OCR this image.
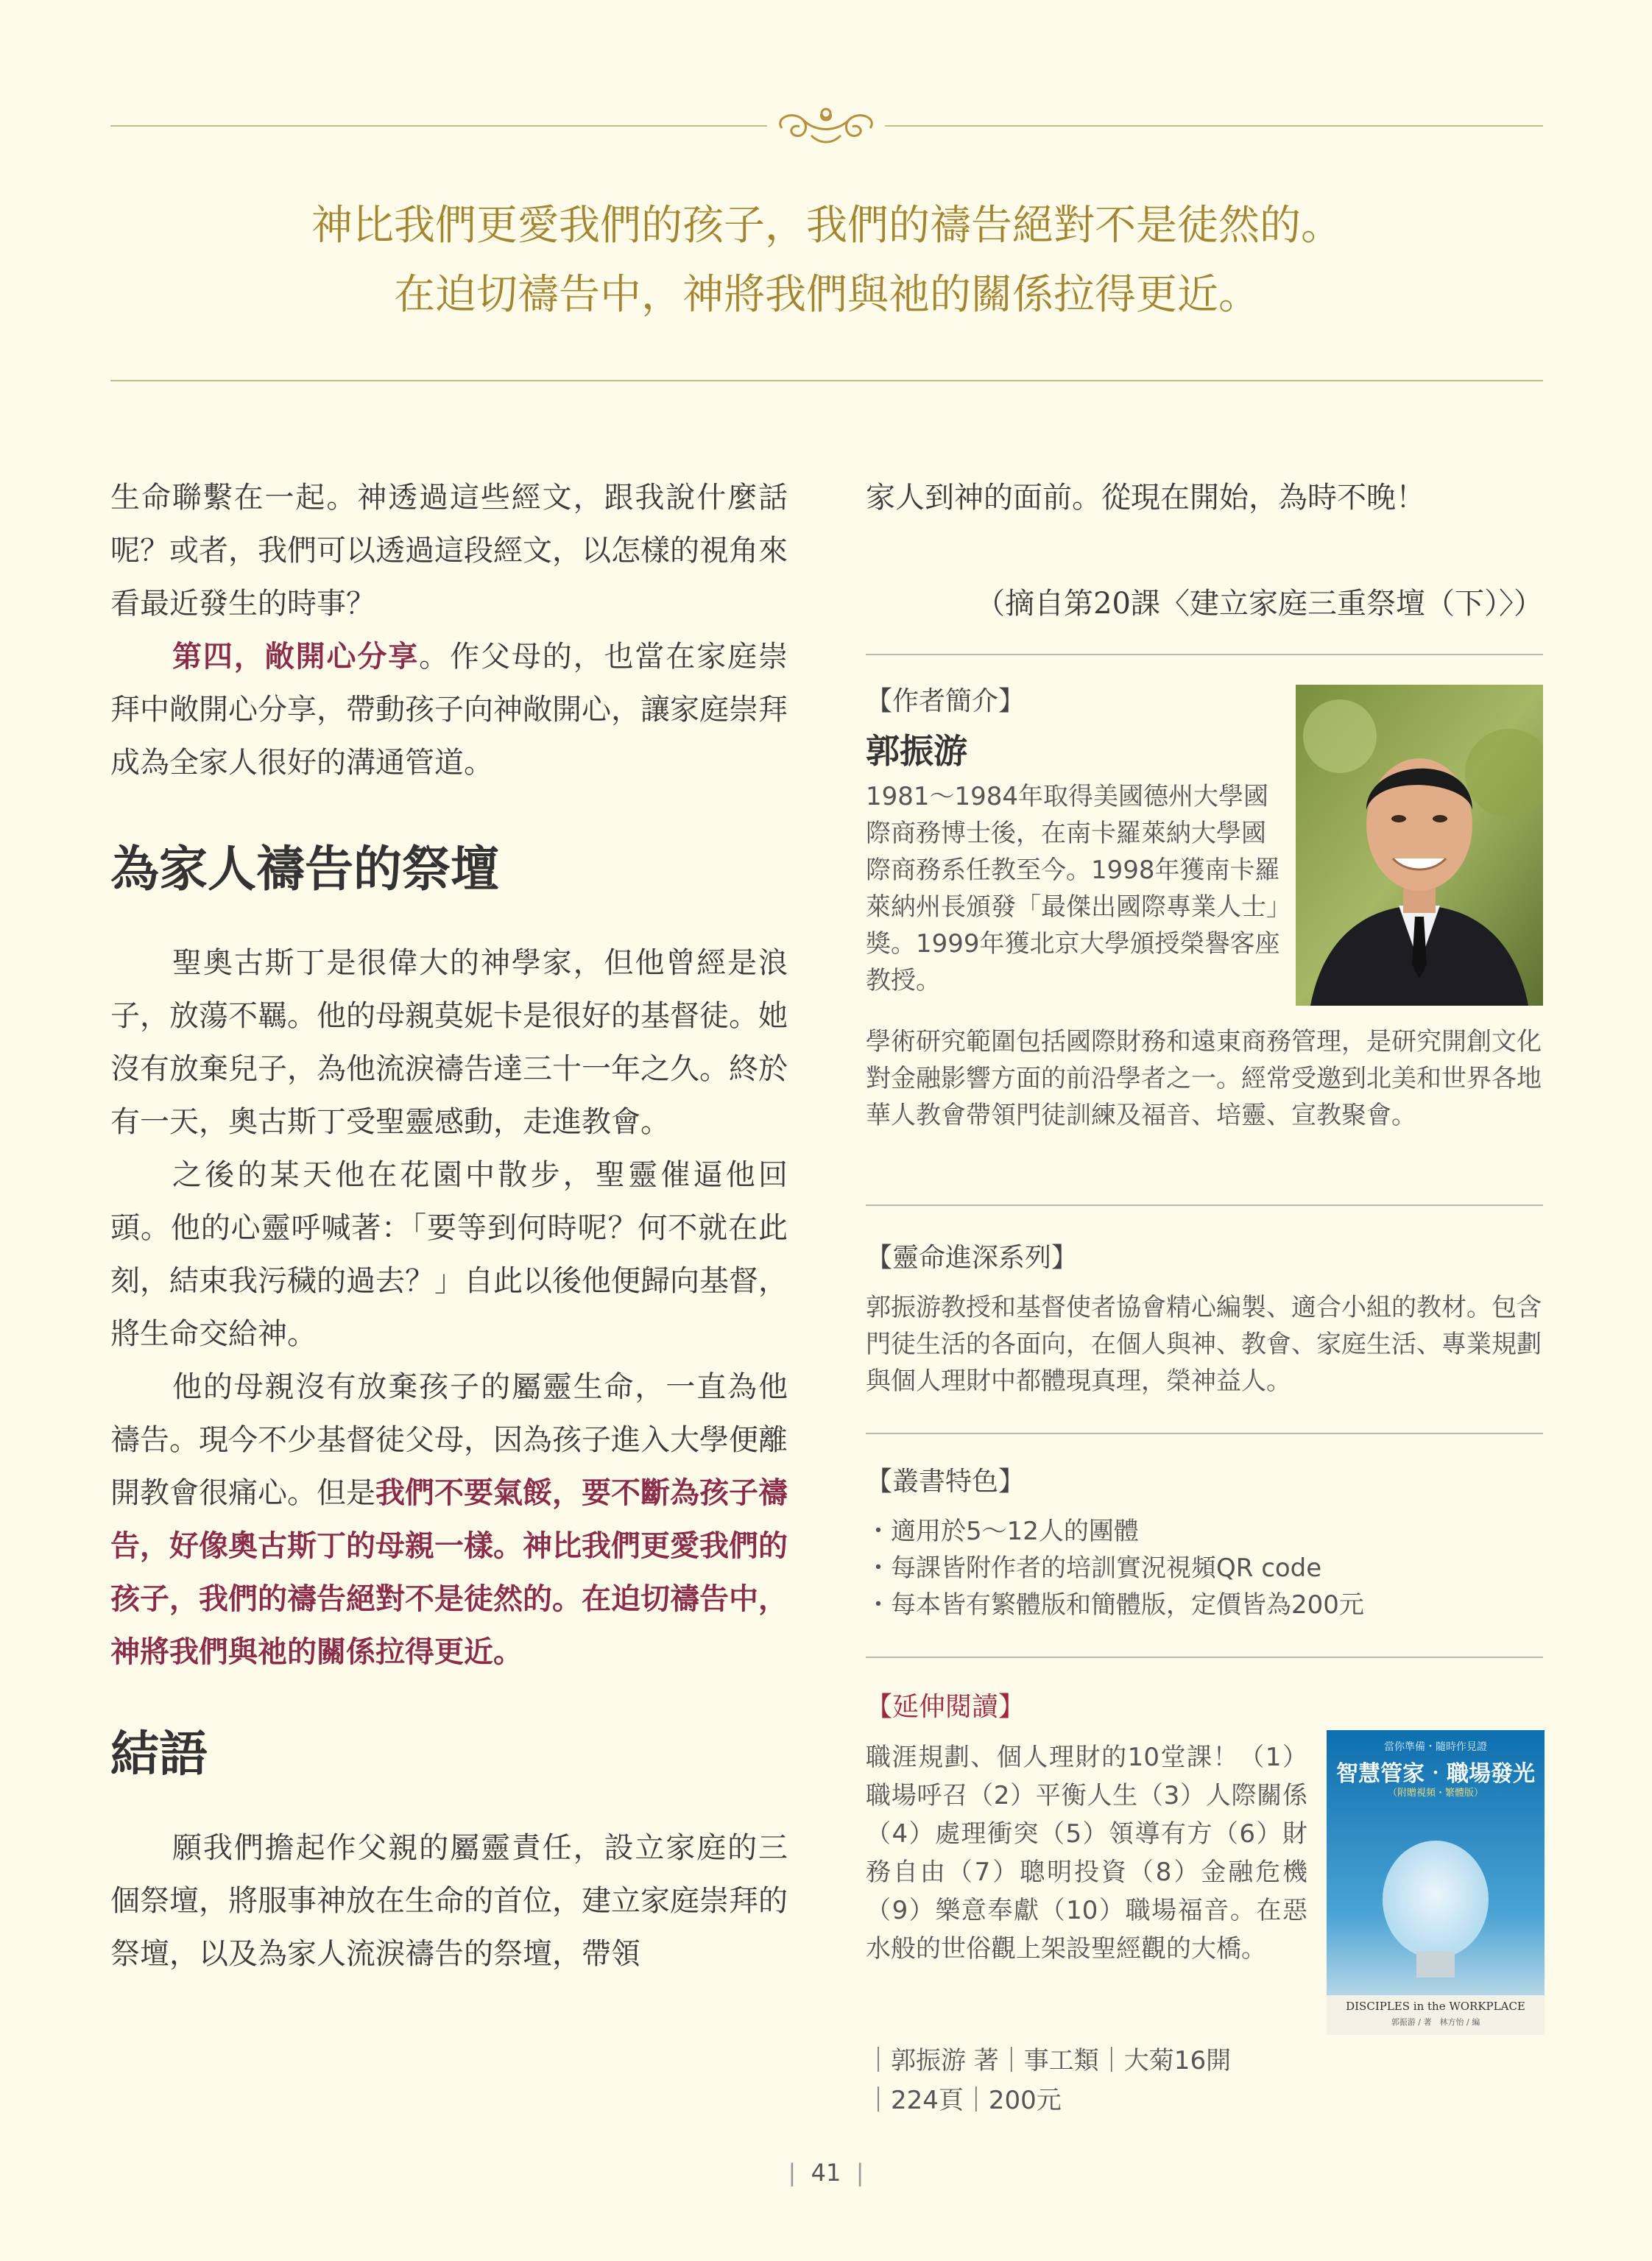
神比我們更愛我們的孩子，我們的禱告絕對不是徒然的。
在迫切禱告中，神將我們與祂的關係拉得更近。

生命聯繫在一起。神透過這些經文，跟我說什麼話呢？或者，我們可以透過這段經文，以怎樣的視角來看最近發生的時事？

第四，敞開心分享。作父母的，也當在家庭崇拜中敞開心分享，帶動孩子向神敞開心，讓家庭崇拜成為全家人很好的溝通管道。

為家人禱告的祭壇

聖奧古斯丁是很偉大的神學家，但他曾經是浪子，放蕩不羈。他的母親莫妮卡是很好的基督徒。她沒有放棄兒子，為他流淚禱告達三十一年之久。終於有一天，奧古斯丁受聖靈感動，走進教會。

之後的某天他在花園中散步，聖靈催逼他回頭。他的心靈呼喊著：「要等到何時呢？何不就在此刻，結束我污穢的過去？」自此以後他便歸向基督，將生命交給神。

他的母親沒有放棄孩子的屬靈生命，一直為他禱告。現今不少基督徒父母，因為孩子進入大學便離開教會很痛心。但是我們不要氣餒，要不斷為孩子禱告，好像奧古斯丁的母親一樣。神比我們更愛我們的孩子，我們的禱告絕對不是徒然的。在迫切禱告中，神將我們與祂的關係拉得更近。

結語

願我們擔起作父親的屬靈責任，設立家庭的三個祭壇，將服事神放在生命的首位，建立家庭崇拜的祭壇，以及為家人流淚禱告的祭壇，帶領

家人到神的面前。從現在開始，為時不晚！

（摘自第20課〈建立家庭三重祭壇（下）〉）
【作者簡介】
郭振游

1981～1984年取得美國德州大學國際商務博士後，在南卡羅萊納大學國際商務系任教至今。1998年獲南卡羅萊納州長頒發「最傑出國際專業人士」獎。1999年獲北京大學頒授榮譽客座教授。

學術研究範圍包括國際財務和遠東商務管理，是研究開創文化對金融影響方面的前沿學者之一。經常受邀到北美和世界各地華人教會帶領門徒訓練及福音、培靈、宣教聚會。

【靈命進深系列】

郭振游教授和基督使者協會精心編製、適合小組的教材。包含門徒生活的各面向，在個人與神、教會、家庭生活、專業規劃與個人理財中都體現真理，榮神益人。

【叢書特色】
・適用於5～12人的團體
・每課皆附作者的培訓實況視頻QR code
・每本皆有繁體版和簡體版，定價皆為200元
【延伸閱讀】

職涯規劃、個人理財的10堂課！（1）職場呼召（2）平衡人生（3）人際關係（4）處理衝突（5）領導有方（6）財務自由（7）聰明投資（8）金融危機（9）樂意奉獻（10）職場福音。在惡水般的世俗觀上架設聖經觀的大橋。

當你準備・隨時作見證
智慧管家‧職場發光
（附贈視頻・繁體版）
DISCIPLES in the WORKPLACE
郭振游 / 著　林方怡 / 編
｜郭振游 著｜事工類｜大菊16開
｜224頁｜200元
| 41 |
